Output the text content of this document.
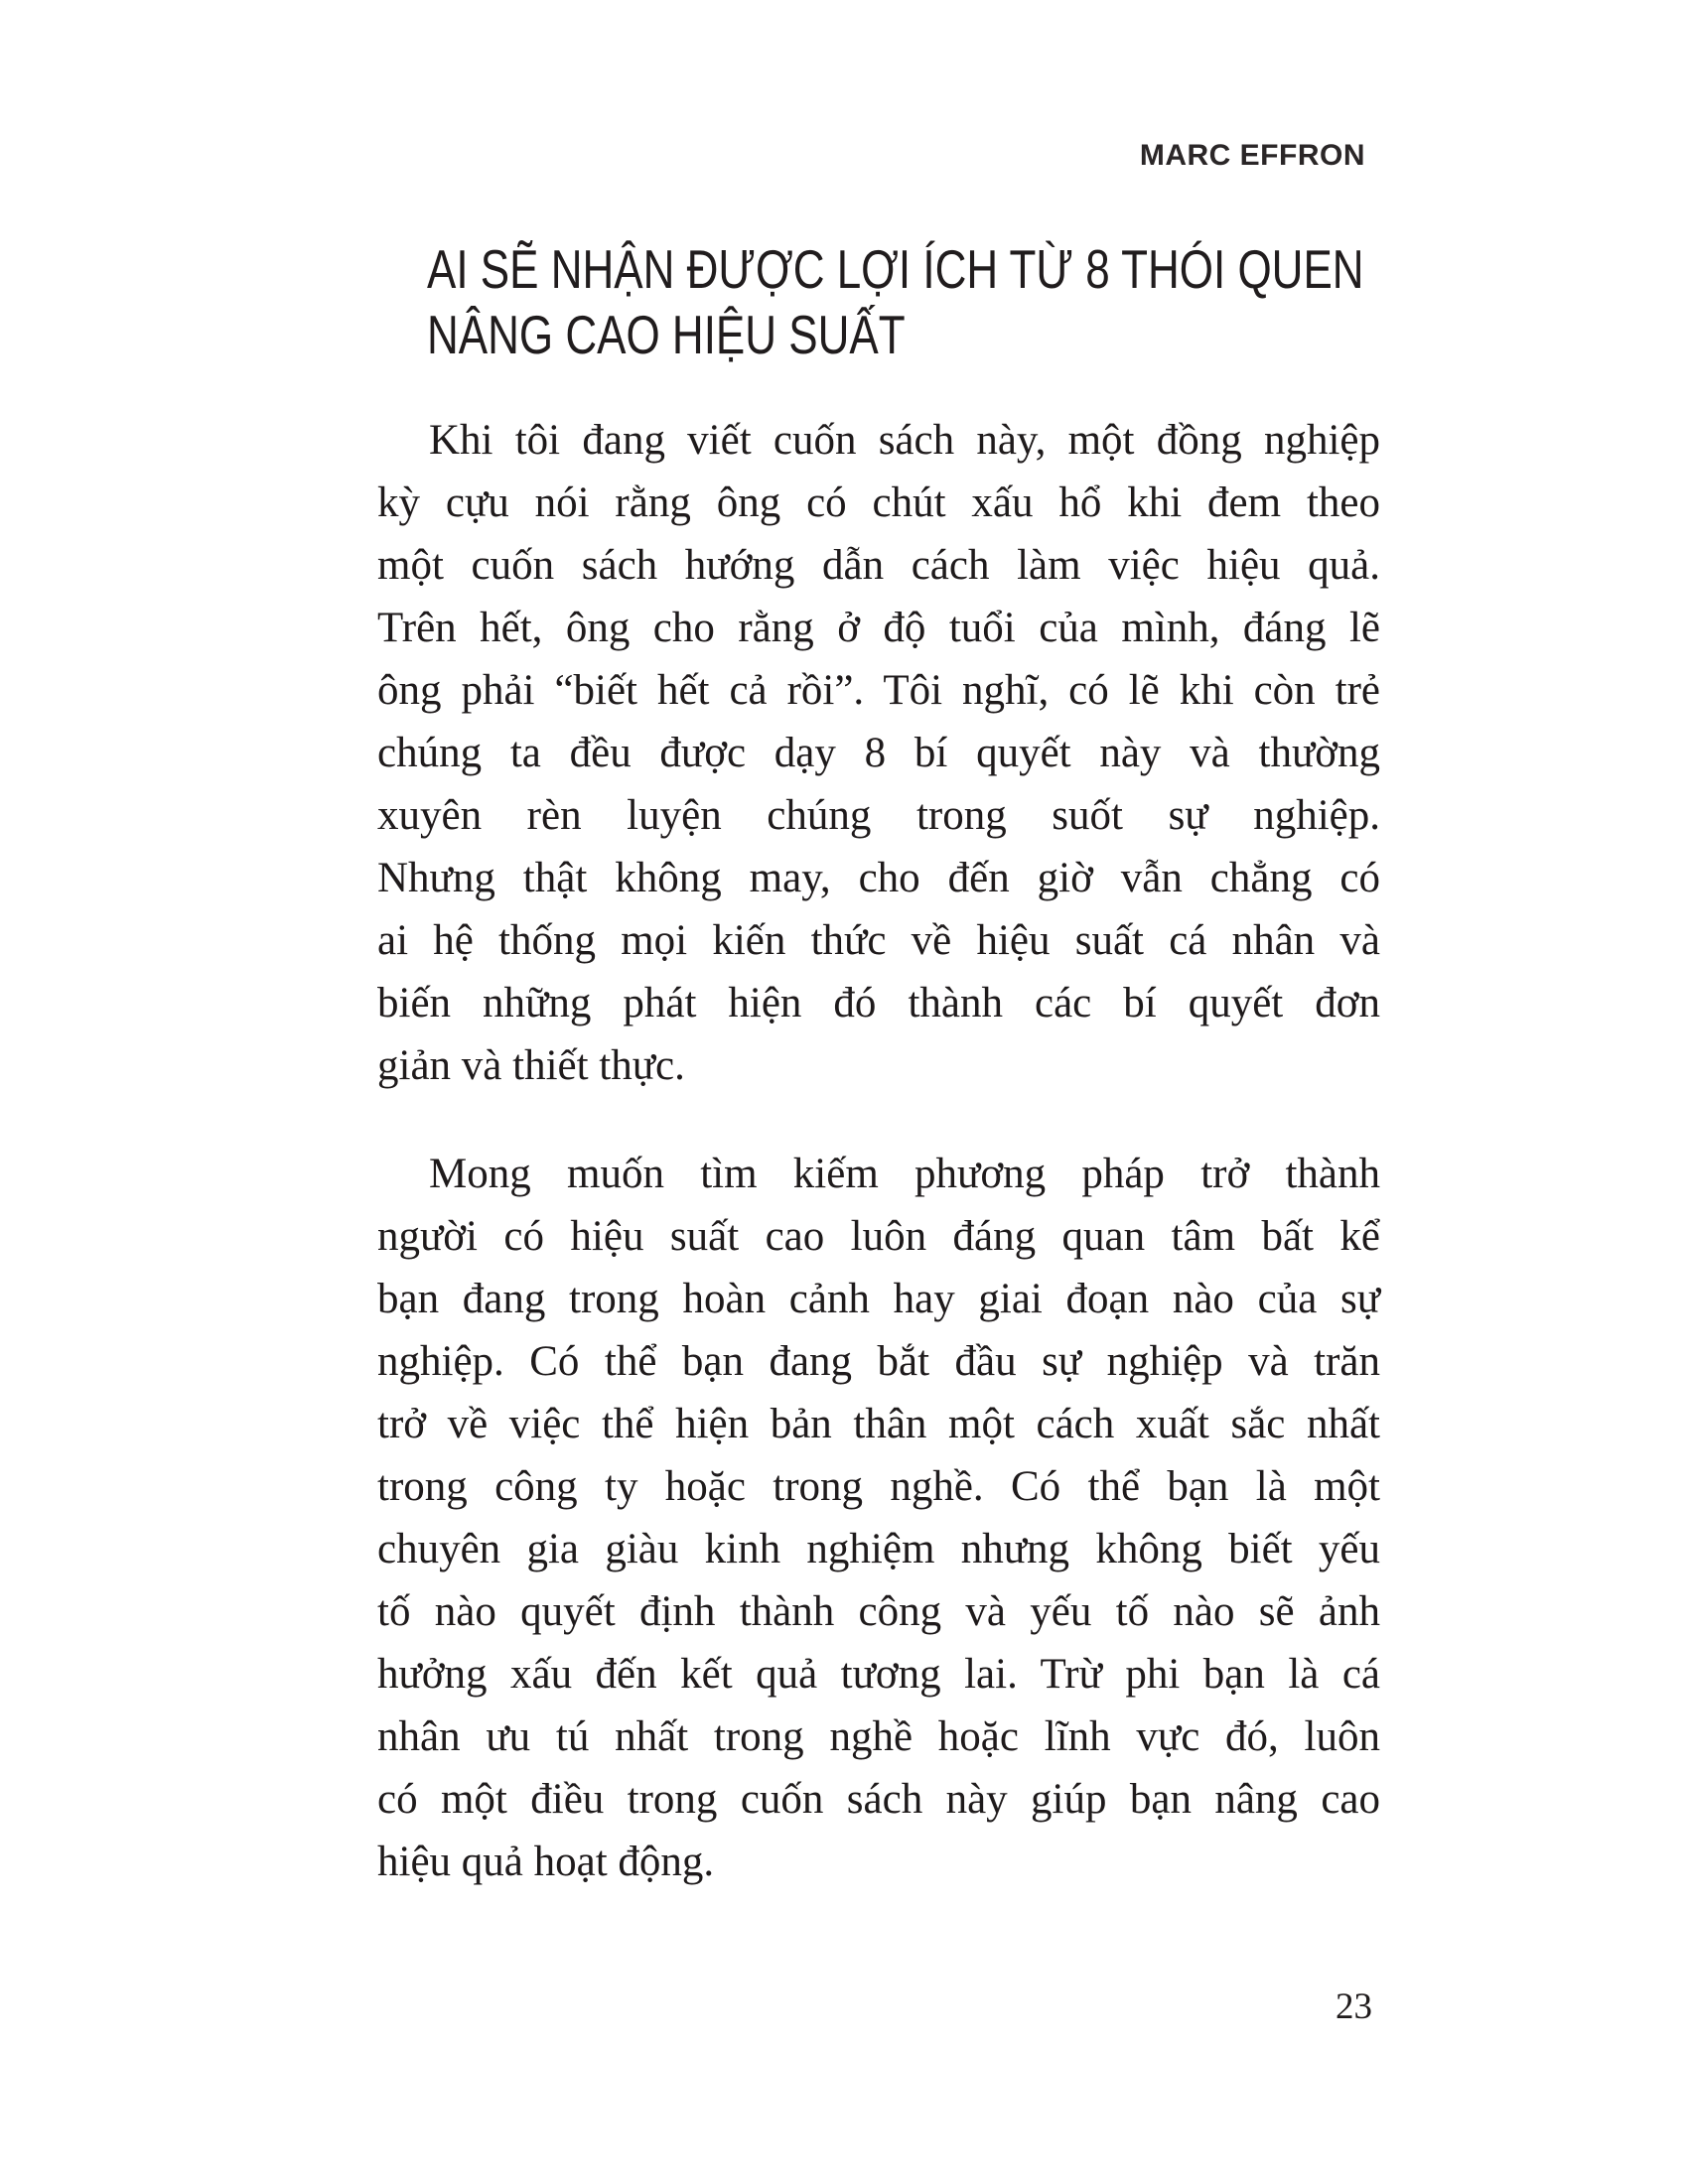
MARC EFFRON
AI SẼ NHẬN ĐƯỢC LỢI ÍCH TỪ 8 THÓI QUEN
NÂNG CAO HIỆU SUẤT
Khi tôi đang viết cuốn sách này, một đồng nghiệp
kỳ cựu nói rằng ông có chút xấu hổ khi đem theo
một cuốn sách hướng dẫn cách làm việc hiệu quả.
Trên hết, ông cho rằng ở độ tuổi của mình, đáng lẽ
ông phải “biết hết cả rồi”. Tôi nghĩ, có lẽ khi còn trẻ
chúng ta đều được dạy 8 bí quyết này và thường
xuyên rèn luyện chúng trong suốt sự nghiệp.
Nhưng thật không may, cho đến giờ vẫn chẳng có
ai hệ thống mọi kiến thức về hiệu suất cá nhân và
biến những phát hiện đó thành các bí quyết đơn
giản và thiết thực.
Mong muốn tìm kiếm phương pháp trở thành
người có hiệu suất cao luôn đáng quan tâm bất kể
bạn đang trong hoàn cảnh hay giai đoạn nào của sự
nghiệp. Có thể bạn đang bắt đầu sự nghiệp và trăn
trở về việc thể hiện bản thân một cách xuất sắc nhất
trong công ty hoặc trong nghề. Có thể bạn là một
chuyên gia giàu kinh nghiệm nhưng không biết yếu
tố nào quyết định thành công và yếu tố nào sẽ ảnh
hưởng xấu đến kết quả tương lai. Trừ phi bạn là cá
nhân ưu tú nhất trong nghề hoặc lĩnh vực đó, luôn
có một điều trong cuốn sách này giúp bạn nâng cao
hiệu quả hoạt động.
23
